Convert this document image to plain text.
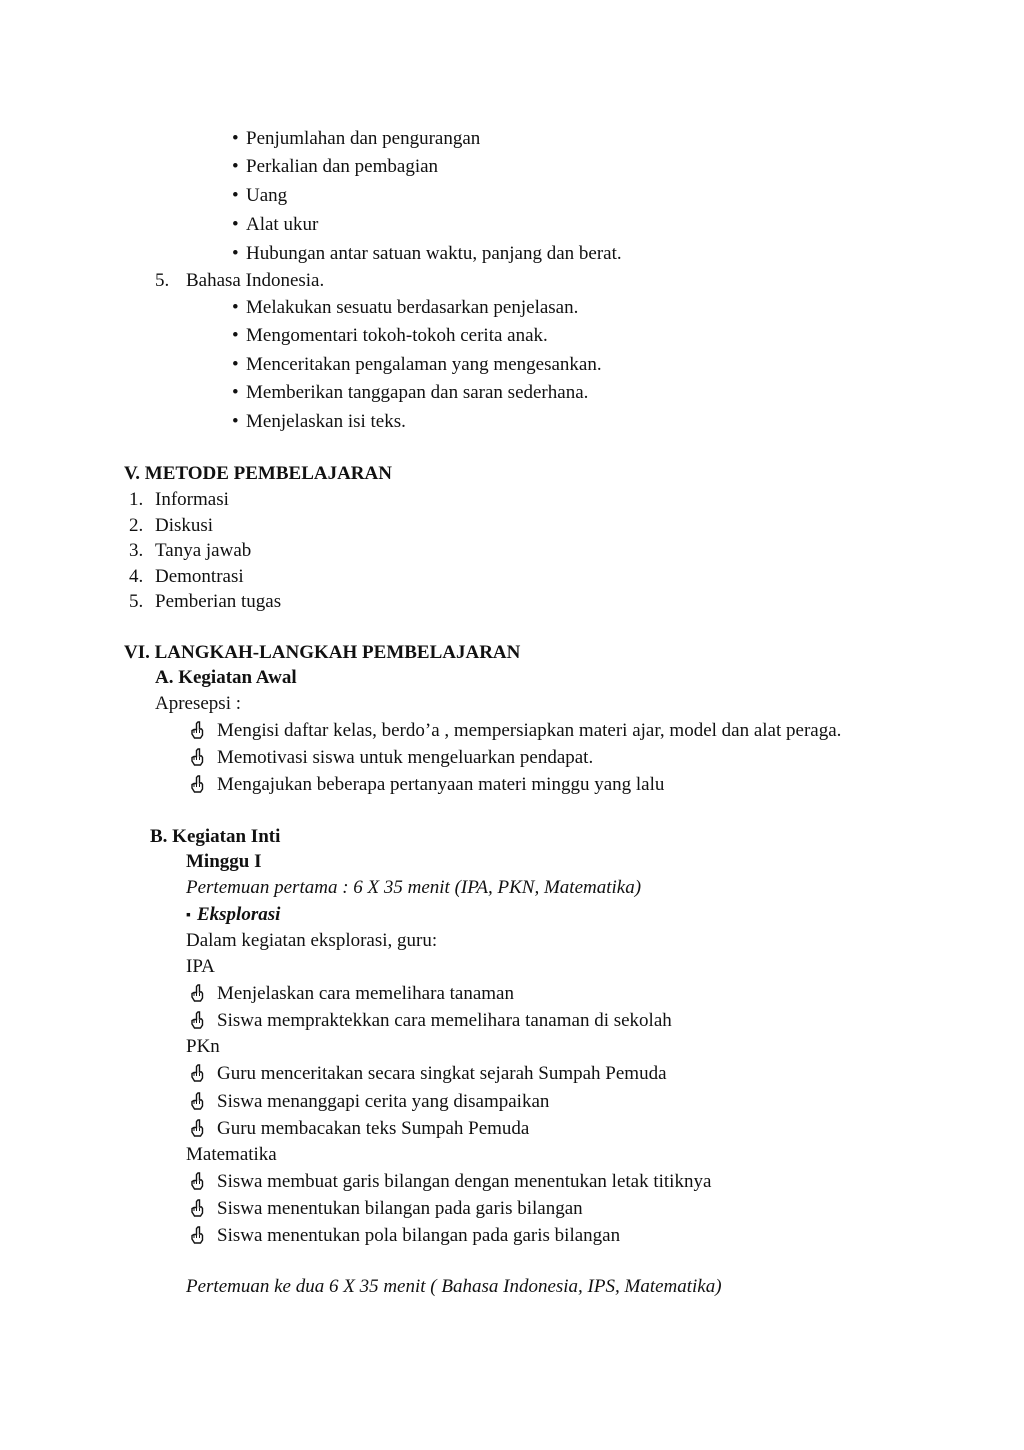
• Penjumlahan dan pengurangan
• Perkalian dan pembagian
• Uang
• Alat ukur
• Hubungan antar satuan waktu, panjang dan berat.
5. Bahasa Indonesia.
• Melakukan sesuatu berdasarkan penjelasan.
• Mengomentari tokoh-tokoh cerita anak.
• Menceritakan pengalaman yang mengesankan.
• Memberikan tanggapan dan saran sederhana.
• Menjelaskan isi teks.
V. METODE PEMBELAJARAN
1. Informasi
2. Diskusi
3. Tanya jawab
4. Demontrasi
5. Pemberian tugas
VI. LANGKAH-LANGKAH PEMBELAJARAN
A. Kegiatan Awal
Apresepsi :
Mengisi daftar kelas, berdo’a , mempersiapkan materi ajar, model dan alat peraga.
Memotivasi siswa untuk mengeluarkan pendapat.
Mengajukan beberapa pertanyaan materi minggu yang lalu
B. Kegiatan Inti
Minggu I
Pertemuan pertama : 6 X 35 menit (IPA, PKN, Matematika)
▪ Eksplorasi
Dalam kegiatan eksplorasi, guru:
IPA
Menjelaskan cara memelihara tanaman
Siswa mempraktekkan cara memelihara tanaman di sekolah
PKn
Guru menceritakan secara singkat sejarah Sumpah Pemuda
Siswa menanggapi cerita yang disampaikan
Guru membacakan teks Sumpah Pemuda
Matematika
Siswa membuat garis bilangan dengan menentukan letak titiknya
Siswa menentukan bilangan pada garis bilangan
Siswa menentukan pola bilangan pada garis bilangan
Pertemuan ke dua 6 X 35 menit ( Bahasa Indonesia, IPS, Matematika)
